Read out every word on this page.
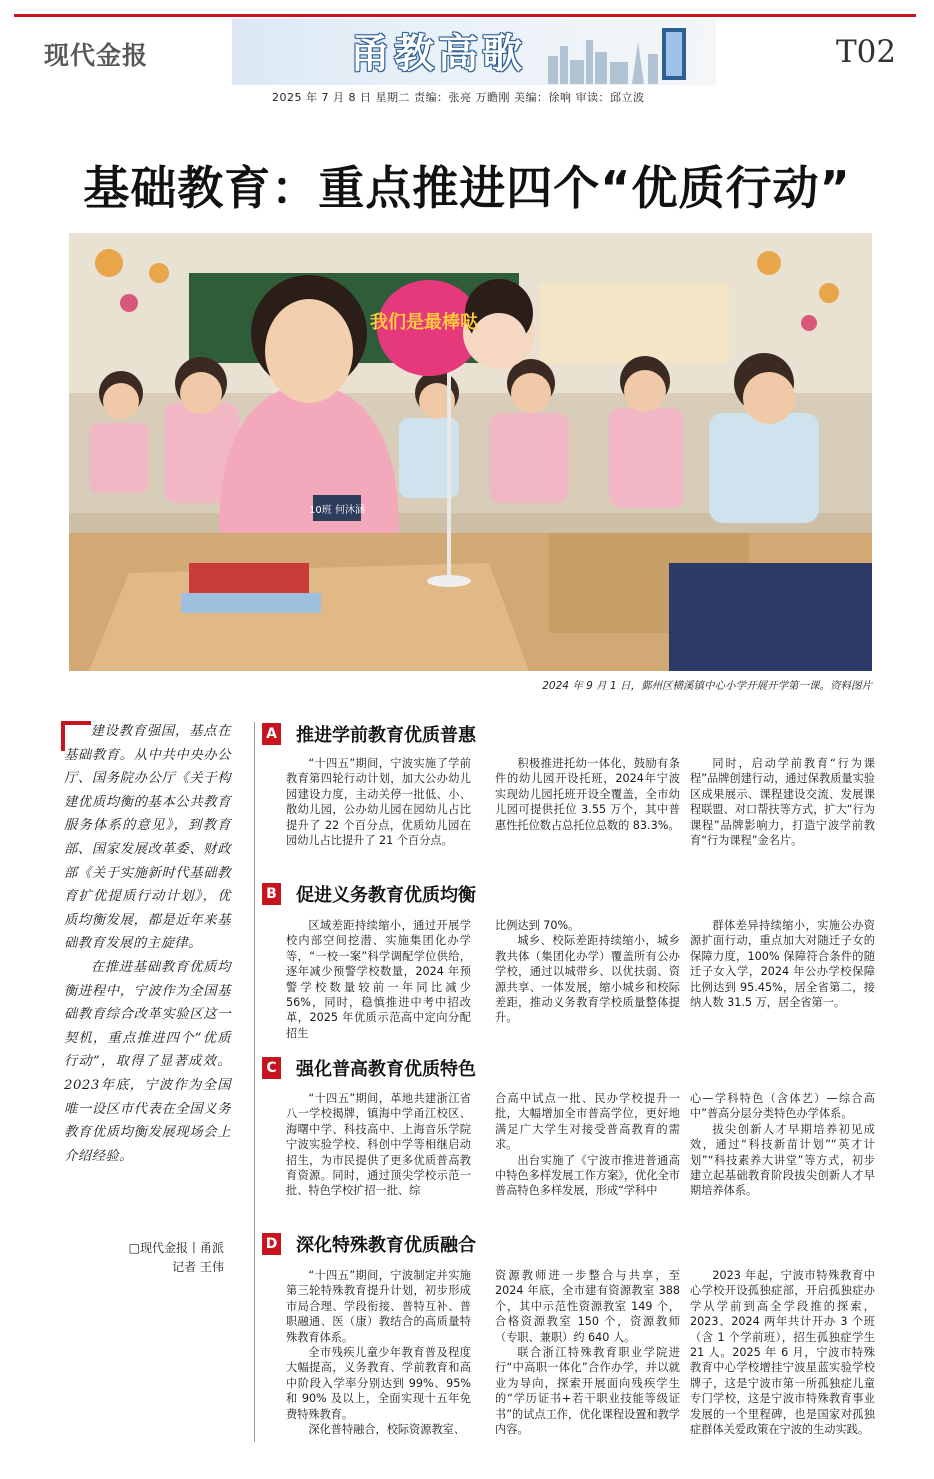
现代金报	甬教高歌	T02
2025 年 7 月 8 日 星期二 责编：张亮 万瞻刚 美编：徐响 审读：邱立波
基础教育：重点推进四个“优质行动”
10班 何沐涵
我们是最棒哒
2024 年 9 月 1 日，鄞州区横溪镇中心小学开展开学第一课。资料图片

建设教育强国，基点在基础教育。从中共中央办公厅、国务院办公厅《关于构建优质均衡的基本公共教育服务体系的意见》，到教育部、国家发展改革委、财政部《关于实施新时代基础教育扩优提质行动计划》，优质均衡发展，都是近年来基础教育发展的主旋律。

在推进基础教育优质均衡进程中，宁波作为全国基础教育综合改革实验区这一契机，重点推进四个“优质行动”，取得了显著成效。2023年底，宁波作为全国唯一设区市代表在全国义务教育优质均衡发展现场会上介绍经验。

□现代金报丨甬派
记者 王伟
A 推进学前教育优质普惠

“十四五”期间，宁波实施了学前教育第四轮行动计划，加大公办幼儿园建设力度，主动关停一批低、小、散幼儿园，公办幼儿园在园幼儿占比提升了 22 个百分点，优质幼儿园在园幼儿占比提升了 21 个百分点。

积极推进托幼一体化，鼓励有条件的幼儿园开设托班，2024年宁波实现幼儿园托班开设全覆盖，全市幼儿园可提供托位 3.55 万个，其中普惠性托位数占总托位总数的 83.3%。

同时，启动学前教育“行为课程”品牌创建行动，通过保教质量实验区成果展示、课程建设交流、发展课程联盟、对口帮扶等方式，扩大“行为课程”品牌影响力，打造宁波学前教育“行为课程”金名片。

B 促进义务教育优质均衡

区域差距持续缩小，通过开展学校内部空间挖潜、实施集团化办学等，“一校一案”科学调配学位供给，逐年减少预警学校数量，2024 年预警学校数量较前一年同比减少 56%，同时，稳慎推进中考中招改革，2025 年优质示范高中定向分配招生

比例达到 70%。

城乡、校际差距持续缩小，城乡教共体（集团化办学）覆盖所有公办学校，通过以城带乡、以优扶弱、资源共享、一体发展，缩小城乡和校际差距，推动义务教育学校质量整体提升。

群体差异持续缩小，实施公办资源扩面行动，重点加大对随迁子女的保障力度，100% 保障符合条件的随迁子女入学，2024 年公办学校保障比例达到 95.45%，居全省第二，接纳人数 31.5 万，居全省第一。

C 强化普高教育优质特色

“十四五”期间，革地共建浙江省八一学校揭牌，镇海中学甬江校区、海曙中学、科技高中、上海音乐学院宁波实验学校、科创中学等相继启动招生，为市民提供了更多优质普高教育资源。同时，通过顶尖学校示范一批、特色学校扩招一批、综

合高中试点一批、民办学校提升一批，大幅增加全市普高学位，更好地满足广大学生对接受普高教育的需求。

出台实施了《宁波市推进普通高中特色多样发展工作方案》，优化全市普高特色多样发展，形成“学科中

心—学科特色（含体艺）—综合高中”普高分层分类特色办学体系。

拔尖创新人才早期培养初见成效，通过“科技新苗计划”“英才计划”“科技素养大讲堂”等方式，初步建立起基础教育阶段拔尖创新人才早期培养体系。

D 深化特殊教育优质融合

“十四五”期间，宁波制定并实施第三轮特殊教育提升计划，初步形成市局合理、学段衔接、普特互补、普职融通、医（康）教结合的高质量特殊教育体系。

全市残疾儿童少年教育普及程度大幅提高，义务教育、学前教育和高中阶段入学率分别达到 99%、95% 和 90% 及以上，全面实现十五年免费特殊教育。

深化普特融合，校际资源教室、

资源教师进一步整合与共享，至 2024 年底，全市建有资源教室 388 个，其中示范性资源教室 149 个，合格资源教室 150 个，资源教师（专职、兼职）约 640 人。

联合浙江特殊教育职业学院进行“中高职一体化”合作办学，并以就业为导向，探索开展面向残疾学生的“学历证书+若干职业技能等级证书”的试点工作，优化课程设置和教学内容。

2023 年起，宁波市特殊教育中心学校开设孤独症部，开启孤独症办学从学前到高全学段推的探索，2023、2024 两年共计开办 3 个班（含 1 个学前班），招生孤独症学生 21 人。2025 年 6 月，宁波市特殊教育中心学校增挂宁波星蓝实验学校牌子，这是宁波市第一所孤独症儿童专门学校，这是宁波市特殊教育事业发展的一个里程碑，也是国家对孤独症群体关爱政策在宁波的生动实践。
